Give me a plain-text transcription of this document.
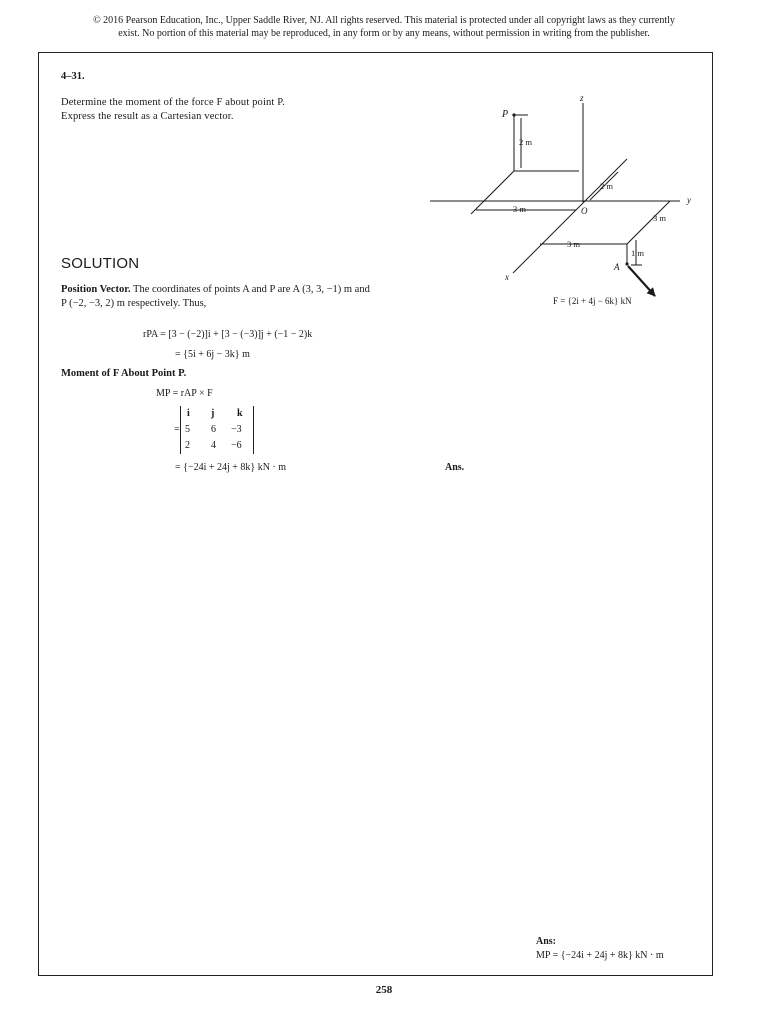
© 2016 Pearson Education, Inc., Upper Saddle River, NJ. All rights reserved. This material is protected under all copyright laws as they currently
exist. No portion of this material may be reproduced, in any form or by any means, without permission in writing from the publisher.
4–31.
Determine the moment of the force F about point P.
Express the result as a Cartesian vector.
SOLUTION
Position Vector. The coordinates of points A and P are A (3, 3, −1) m and
P (−2, −3, 2) m respectively. Thus,
rPA = [3 − (−2)]i + [3 − (−3)]j + (−1 − 2)k
= {5i + 6j − 3k} m
Moment of F About Point P.
MP = rAP × F
=
i j k
5 6 −3
2 4 −6
= {−24i + 24j + 8k} kN · m	Ans.
Ans:
MP = {−24i + 24j + 8k} kN · m
P
z
y
x
O
A
2 m
2 m
3 m
3 m
3 m
1 m
F = {2i + 4j − 6k} kN
258
